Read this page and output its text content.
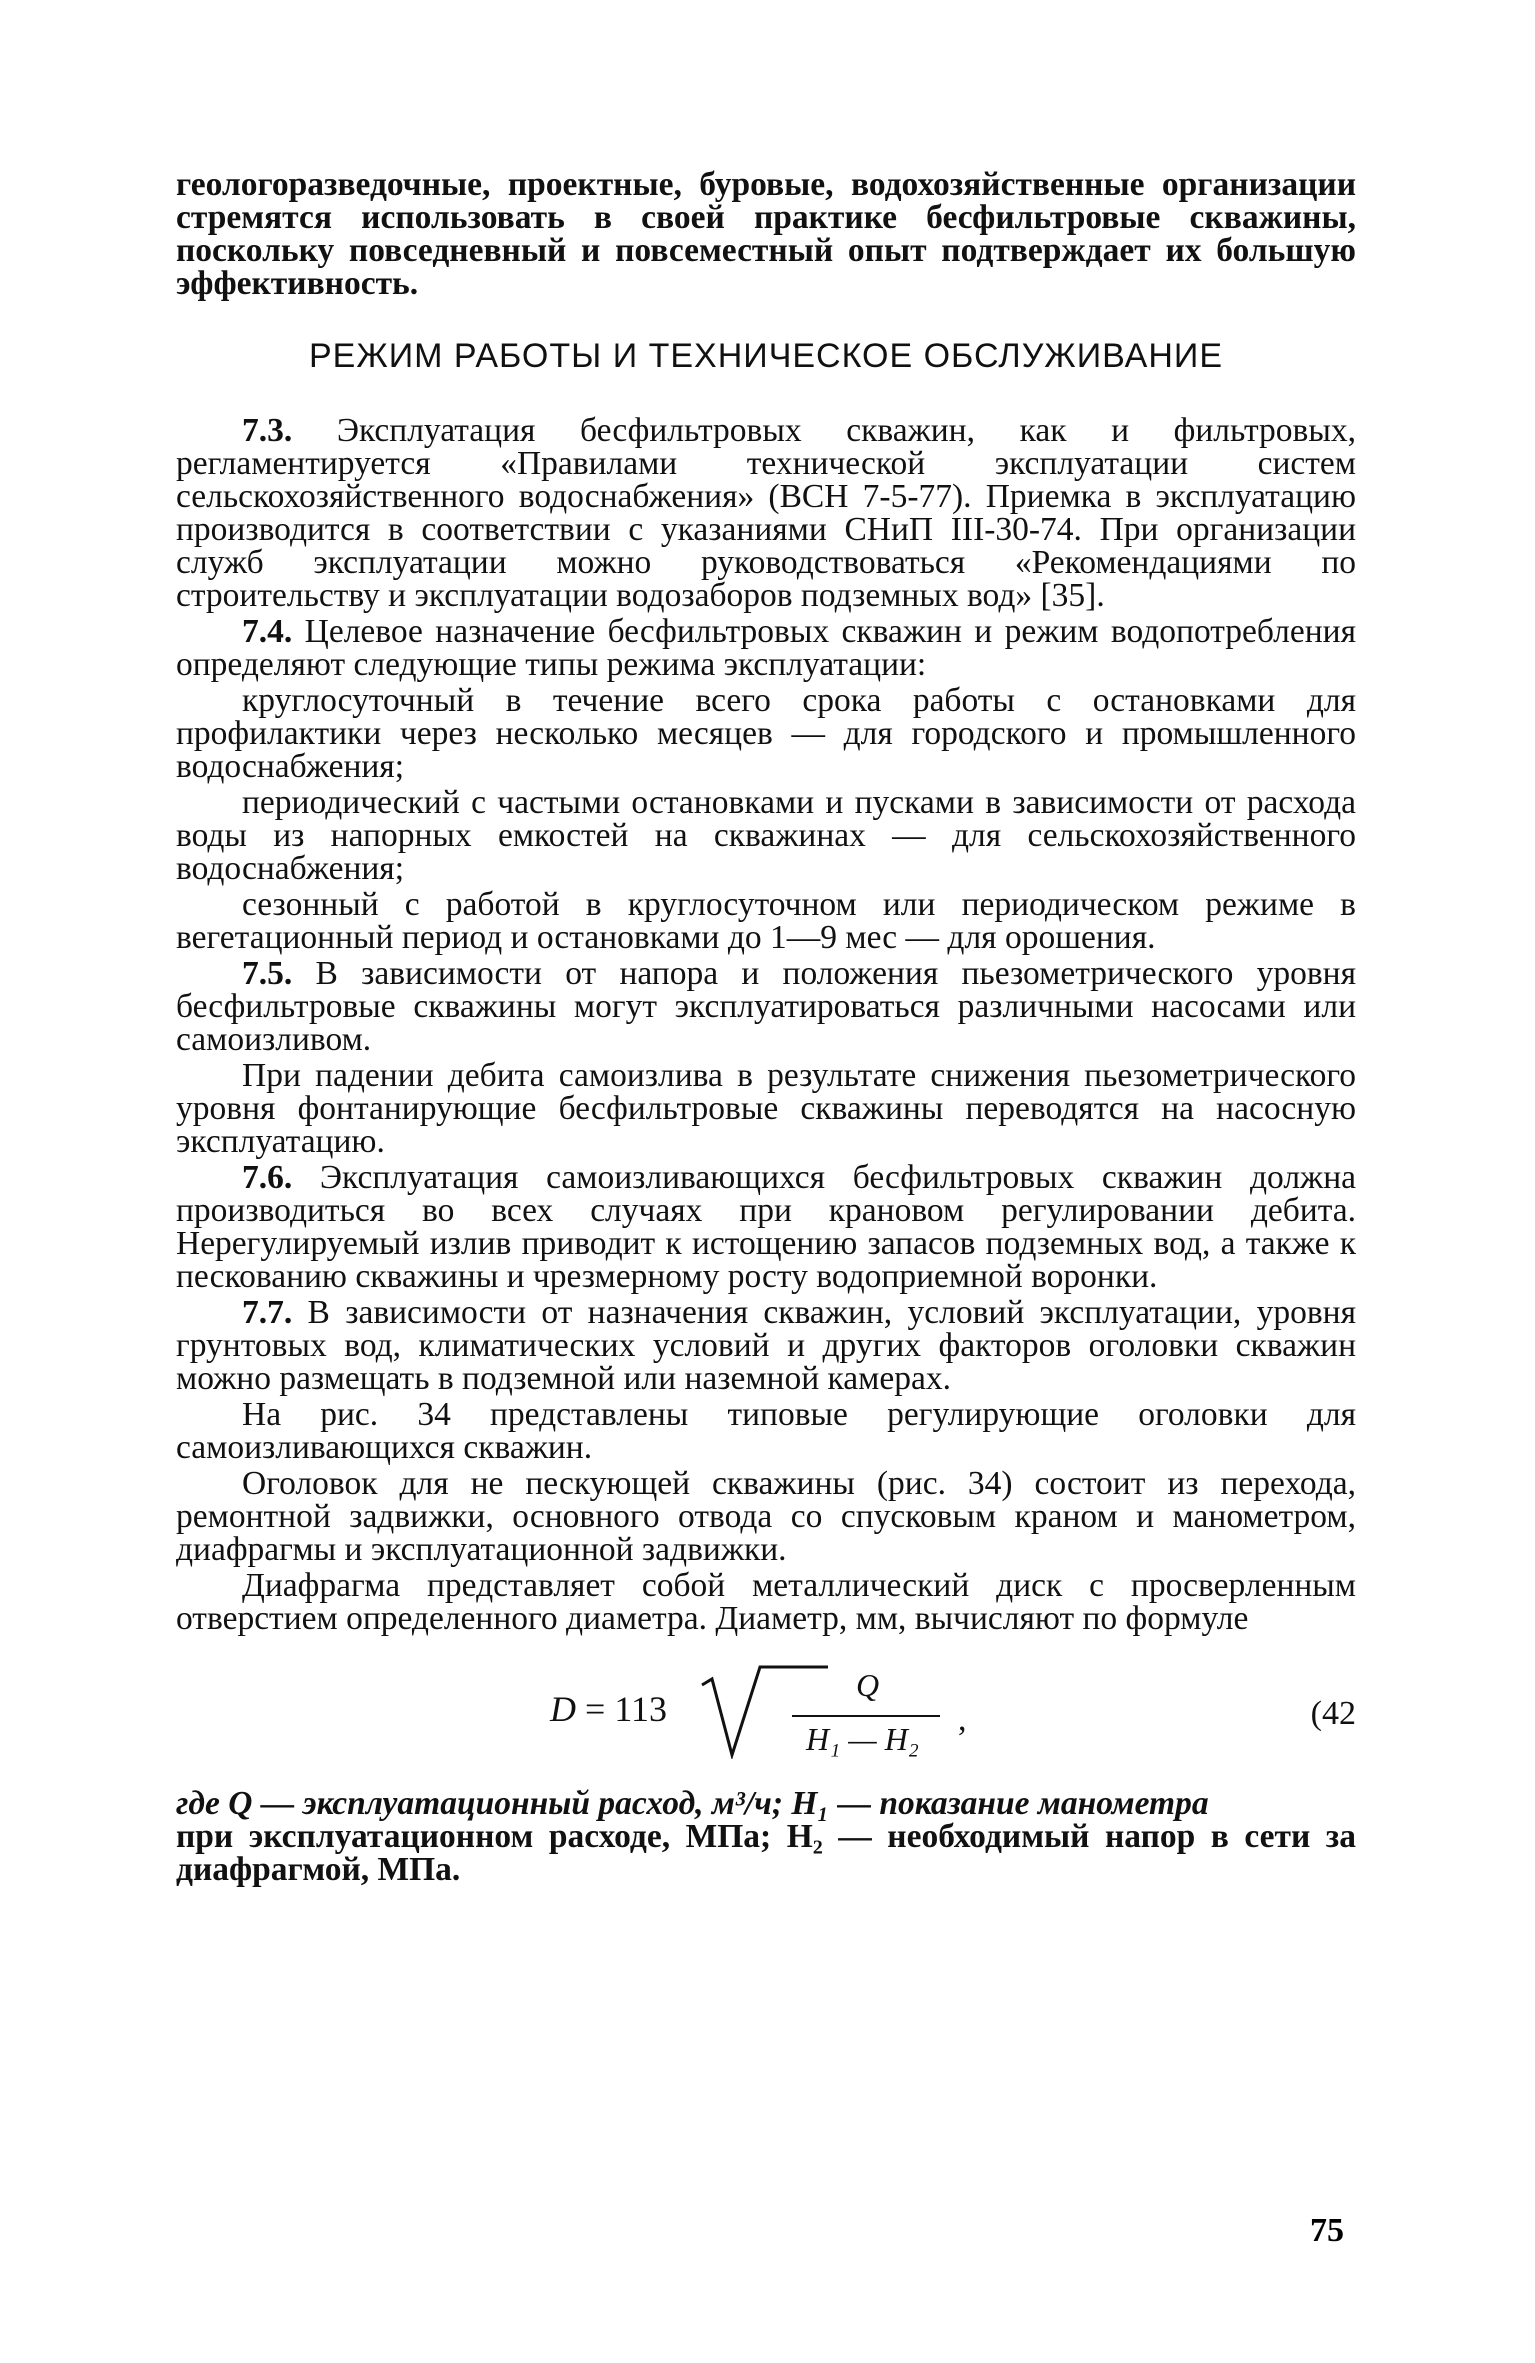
геологоразведочные, проектные, буровые, водохозяйственные организации стремятся использовать в своей практике бесфильтровые скважины, поскольку повседневный и повсеместный опыт подтверждает их большую эффективность.

РЕЖИМ РАБОТЫ И ТЕХНИЧЕСКОЕ ОБСЛУЖИВАНИЕ

7.3. Эксплуатация бесфильтровых скважин, как и фильтровых, регламентируется «Правилами технической эксплуатации систем сельскохозяйственного водоснабжения» (ВСН 7-5-77). Приемка в эксплуатацию производится в соответствии с указаниями СНиП III-30-74. При организации служб эксплуатации можно руководствоваться «Рекомендациями по строительству и эксплуатации водозаборов подземных вод» [35].

7.4. Целевое назначение бесфильтровых скважин и режим водопотребления определяют следующие типы режима эксплуатации:

круглосуточный в течение всего срока работы с остановками для профилактики через несколько месяцев — для городского и промышленного водоснабжения;

периодический с частыми остановками и пусками в зависимости от расхода воды из напорных емкостей на скважинах — для сельскохозяйственного водоснабжения;

сезонный с работой в круглосуточном или периодическом режиме в вегетационный период и остановками до 1—9 мес — для орошения.

7.5. В зависимости от напора и положения пьезометрического уровня бесфильтровые скважины могут эксплуатироваться различными насосами или самоизливом.

При падении дебита самоизлива в результате снижения пьезометрического уровня фонтанирующие бесфильтровые скважины переводятся на насосную эксплуатацию.

7.6. Эксплуатация самоизливающихся бесфильтровых скважин должна производиться во всех случаях при крановом регулировании дебита. Нерегулируемый излив приводит к истощению запасов подземных вод, а также к пескованию скважины и чрезмерному росту водоприемной воронки.

7.7. В зависимости от назначения скважин, условий эксплуатации, уровня грунтовых вод, климатических условий и других факторов оголовки скважин можно размещать в подземной или наземной камерах.

На рис. 34 представлены типовые регулирующие оголовки для самоизливающихся скважин.

Оголовок для не пескующей скважины (рис. 34) состоит из перехода, ремонтной задвижки, основного отвода со спусковым краном и манометром, диафрагмы и эксплуатационной задвижки.

Диафрагма представляет собой металлический диск с просверленным отверстием определенного диаметра. Диаметр, мм, вычисляют по формуле

D = 113
Q
H₁ — H₂
,	(42

где Q — эксплуатационный расход, м³/ч; H₁ — показание манометра

при эксплуатационном расходе, МПа; H₂ — необходимый напор в сети за диафрагмой, МПа.

75
